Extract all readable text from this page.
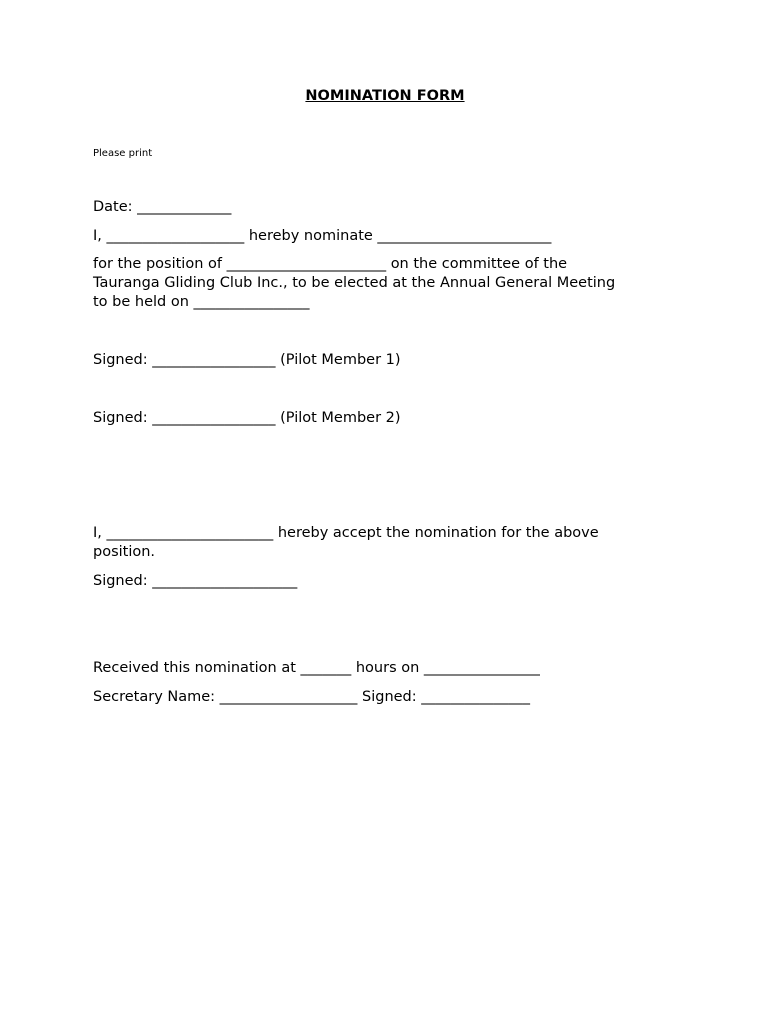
NOMINATION FORM
Please print
Date: _____________
I, ___________________ hereby nominate ________________________
for the position of ______________________ on the committee of the
Tauranga Gliding Club Inc., to be elected at the Annual General Meeting
to be held on ________________
Signed: _________________ (Pilot Member 1)
Signed: _________________ (Pilot Member 2)
I, _______________________ hereby accept the nomination for the above
position.
Signed: ____________________
Received this nomination at _______ hours on ________________
Secretary Name: ___________________ Signed: _______________
